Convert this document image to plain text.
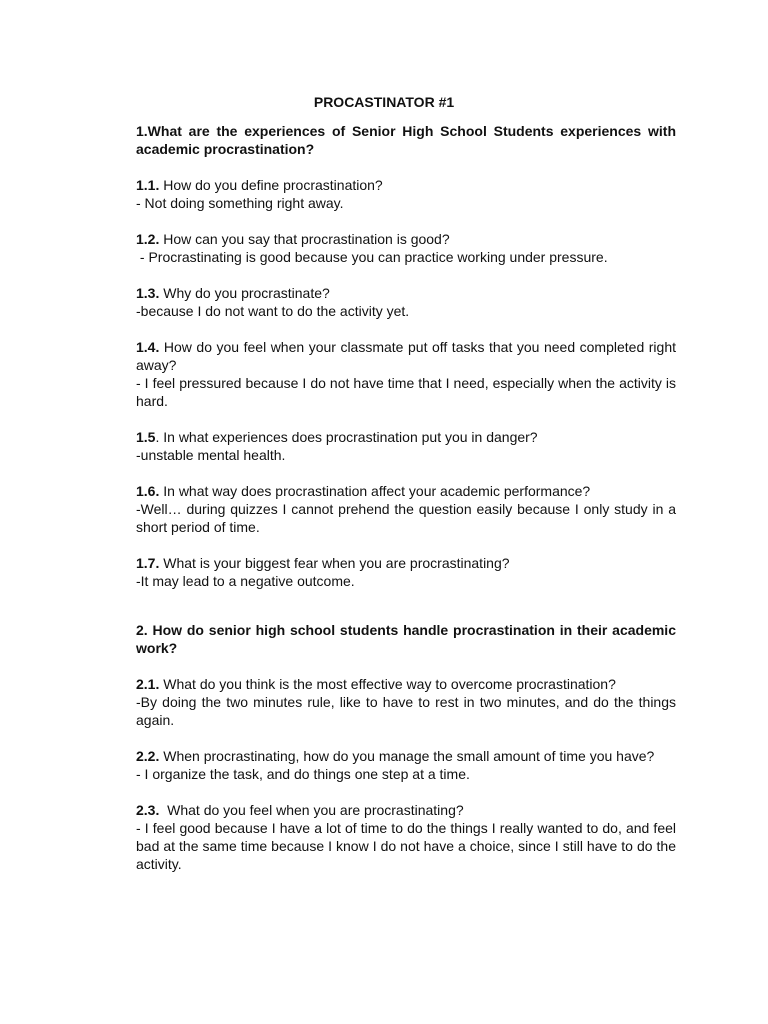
PROCASTINATOR #1
1.What are the experiences of Senior High School Students experiences with academic procrastination?
1.1. How do you define procrastination?
- Not doing something right away.
1.2. How can you say that procrastination is good?
- Procrastinating is good because you can practice working under pressure.
1.3. Why do you procrastinate?
-because I do not want to do the activity yet.
1.4. How do you feel when your classmate put off tasks that you need completed right away?
- I feel pressured because I do not have time that I need, especially when the activity is hard.
1.5. In what experiences does procrastination put you in danger?
-unstable mental health.
1.6. In what way does procrastination affect your academic performance?
-Well… during quizzes I cannot prehend the question easily because I only study in a short period of time.
1.7. What is your biggest fear when you are procrastinating?
-It may lead to a negative outcome.
2. How do senior high school students handle procrastination in their academic work?
2.1. What do you think is the most effective way to overcome procrastination?
-By doing the two minutes rule, like to have to rest in two minutes, and do the things again.
2.2. When procrastinating, how do you manage the small amount of time you have?
- I organize the task, and do things one step at a time.
2.3.  What do you feel when you are procrastinating?
- I feel good because I have a lot of time to do the things I really wanted to do, and feel bad at the same time because I know I do not have a choice, since I still have to do the activity.
